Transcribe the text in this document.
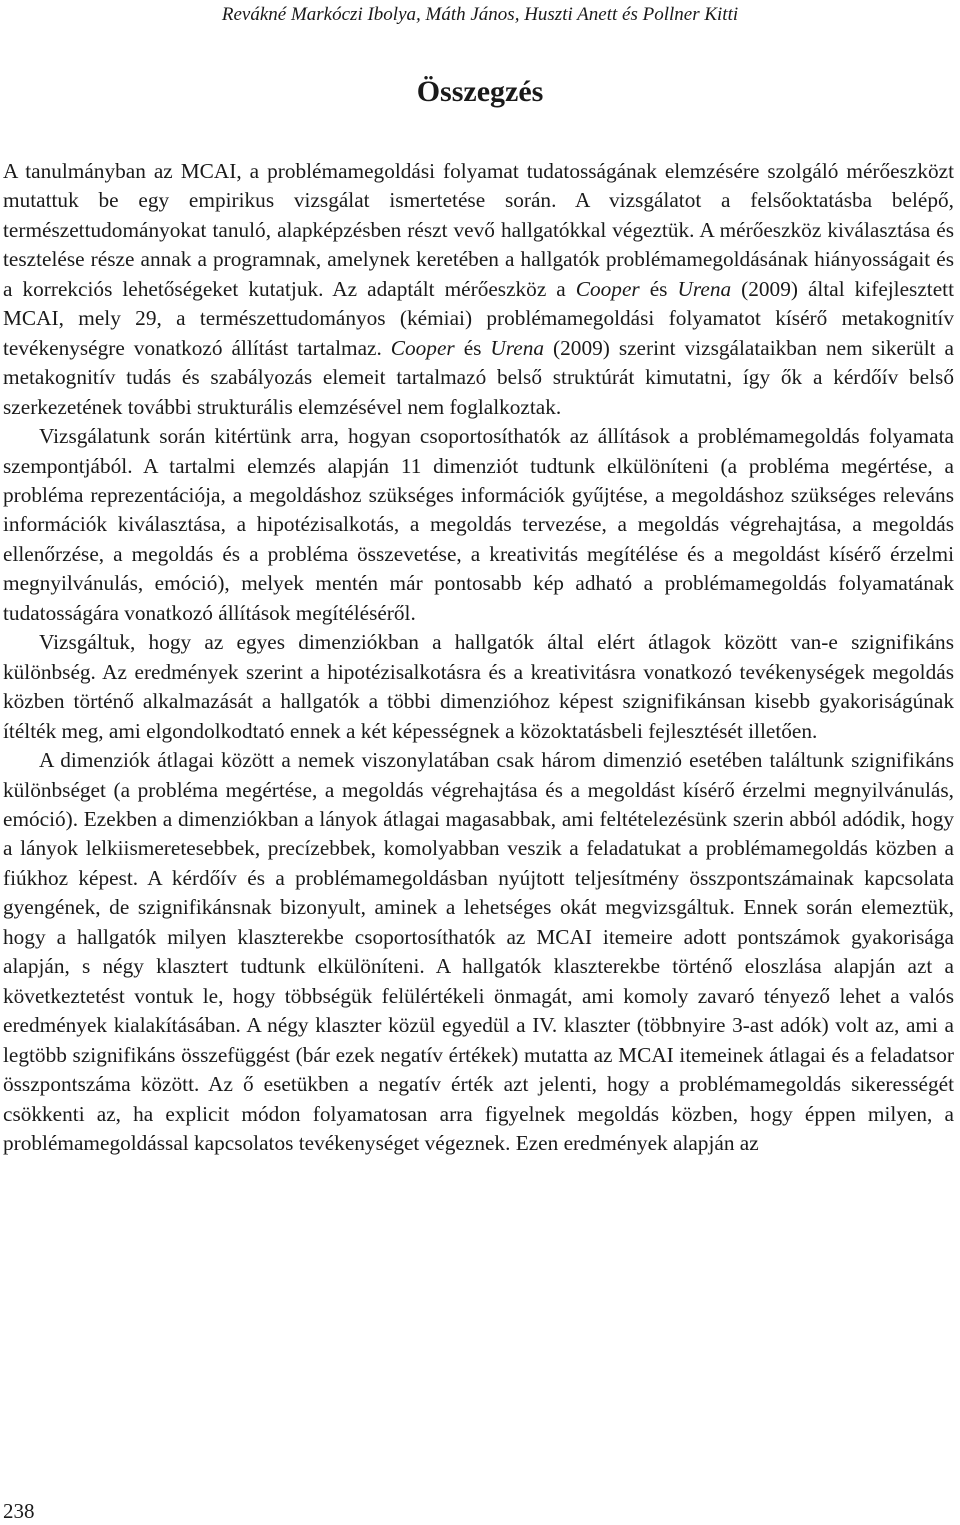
Revákné Markóczi Ibolya, Máth János, Huszti Anett és Pollner Kitti
Összegzés

A tanulmányban az MCAI, a problémamegoldási folyamat tudatosságának elemzésére szolgáló mérőeszközt mutattuk be egy empirikus vizsgálat ismertetése során. A vizsgálatot a felsőoktatásba belépő, természettudományokat tanuló, alapképzésben részt vevő hallgatókkal végeztük. A mérőeszköz kiválasztása és tesztelése része annak a programnak, amelynek keretében a hallgatók problémamegoldásának hiányosságait és a korrekciós lehetőségeket kutatjuk. Az adaptált mérőeszköz a Cooper és Urena (2009) által kifejlesztett MCAI, mely 29, a természettudományos (kémiai) problémamegoldási folyamatot kísérő metakognitív tevékenységre vonatkozó állítást tartalmaz. Cooper és Urena (2009) szerint vizsgálataikban nem sikerült a metakognitív tudás és szabályozás elemeit tartalmazó belső struktúrát kimutatni, így ők a kérdőív belső szerkezetének további strukturális elemzésével nem foglalkoztak.

Vizsgálatunk során kitértünk arra, hogyan csoportosíthatók az állítások a problémamegoldás folyamata szempontjából. A tartalmi elemzés alapján 11 dimenziót tudtunk elkülöníteni (a probléma megértése, a probléma reprezentációja, a megoldáshoz szükséges információk gyűjtése, a megoldáshoz szükséges releváns információk kiválasztása, a hipotézisalkotás, a megoldás tervezése, a megoldás végrehajtása, a megoldás ellenőrzése, a megoldás és a probléma összevetése, a kreativitás megítélése és a megoldást kísérő érzelmi megnyilvánulás, emóció), melyek mentén már pontosabb kép adható a problémamegoldás folyamatának tudatosságára vonatkozó állítások megítéléséről.

Vizsgáltuk, hogy az egyes dimenziókban a hallgatók által elért átlagok között van-e szignifikáns különbség. Az eredmények szerint a hipotézisalkotásra és a kreativitásra vonatkozó tevékenységek megoldás közben történő alkalmazását a hallgatók a többi dimenzióhoz képest szignifikánsan kisebb gyakoriságúnak ítélték meg, ami elgondolkodtató ennek a két képességnek a közoktatásbeli fejlesztését illetően.

A dimenziók átlagai között a nemek viszonylatában csak három dimenzió esetében találtunk szignifikáns különbséget (a probléma megértése, a megoldás végrehajtása és a megoldást kísérő érzelmi megnyilvánulás, emóció). Ezekben a dimenziókban a lányok átlagai magasabbak, ami feltételezésünk szerin abból adódik, hogy a lányok lelkiismeretesebbek, precízebbek, komolyabban veszik a feladatukat a problémamegoldás közben a fiúkhoz képest. A kérdőív és a problémamegoldásban nyújtott teljesítmény összpontszámainak kapcsolata gyengének, de szignifikánsnak bizonyult, aminek a lehetséges okát megvizsgáltuk. Ennek során elemeztük, hogy a hallgatók milyen klaszterekbe csoportosíthatók az MCAI itemeire adott pontszámok gyakorisága alapján, s négy klasztert tudtunk elkülöníteni. A hallgatók klaszterekbe történő eloszlása alapján azt a következtetést vontuk le, hogy többségük felülértékeli önmagát, ami komoly zavaró tényező lehet a valós eredmények kialakításában. A négy klaszter közül egyedül a IV. klaszter (többnyire 3-ast adók) volt az, ami a legtöbb szignifikáns összefüggést (bár ezek negatív értékek) mutatta az MCAI itemeinek átlagai és a feladatsor összpontszáma között. Az ő esetükben a negatív érték azt jelenti, hogy a problémamegoldás sikerességét csökkenti az, ha explicit módon folyamatosan arra figyelnek megoldás közben, hogy éppen milyen, a problémamegoldással kapcsolatos tevékenységet végeznek. Ezen eredmények alapján az

238
